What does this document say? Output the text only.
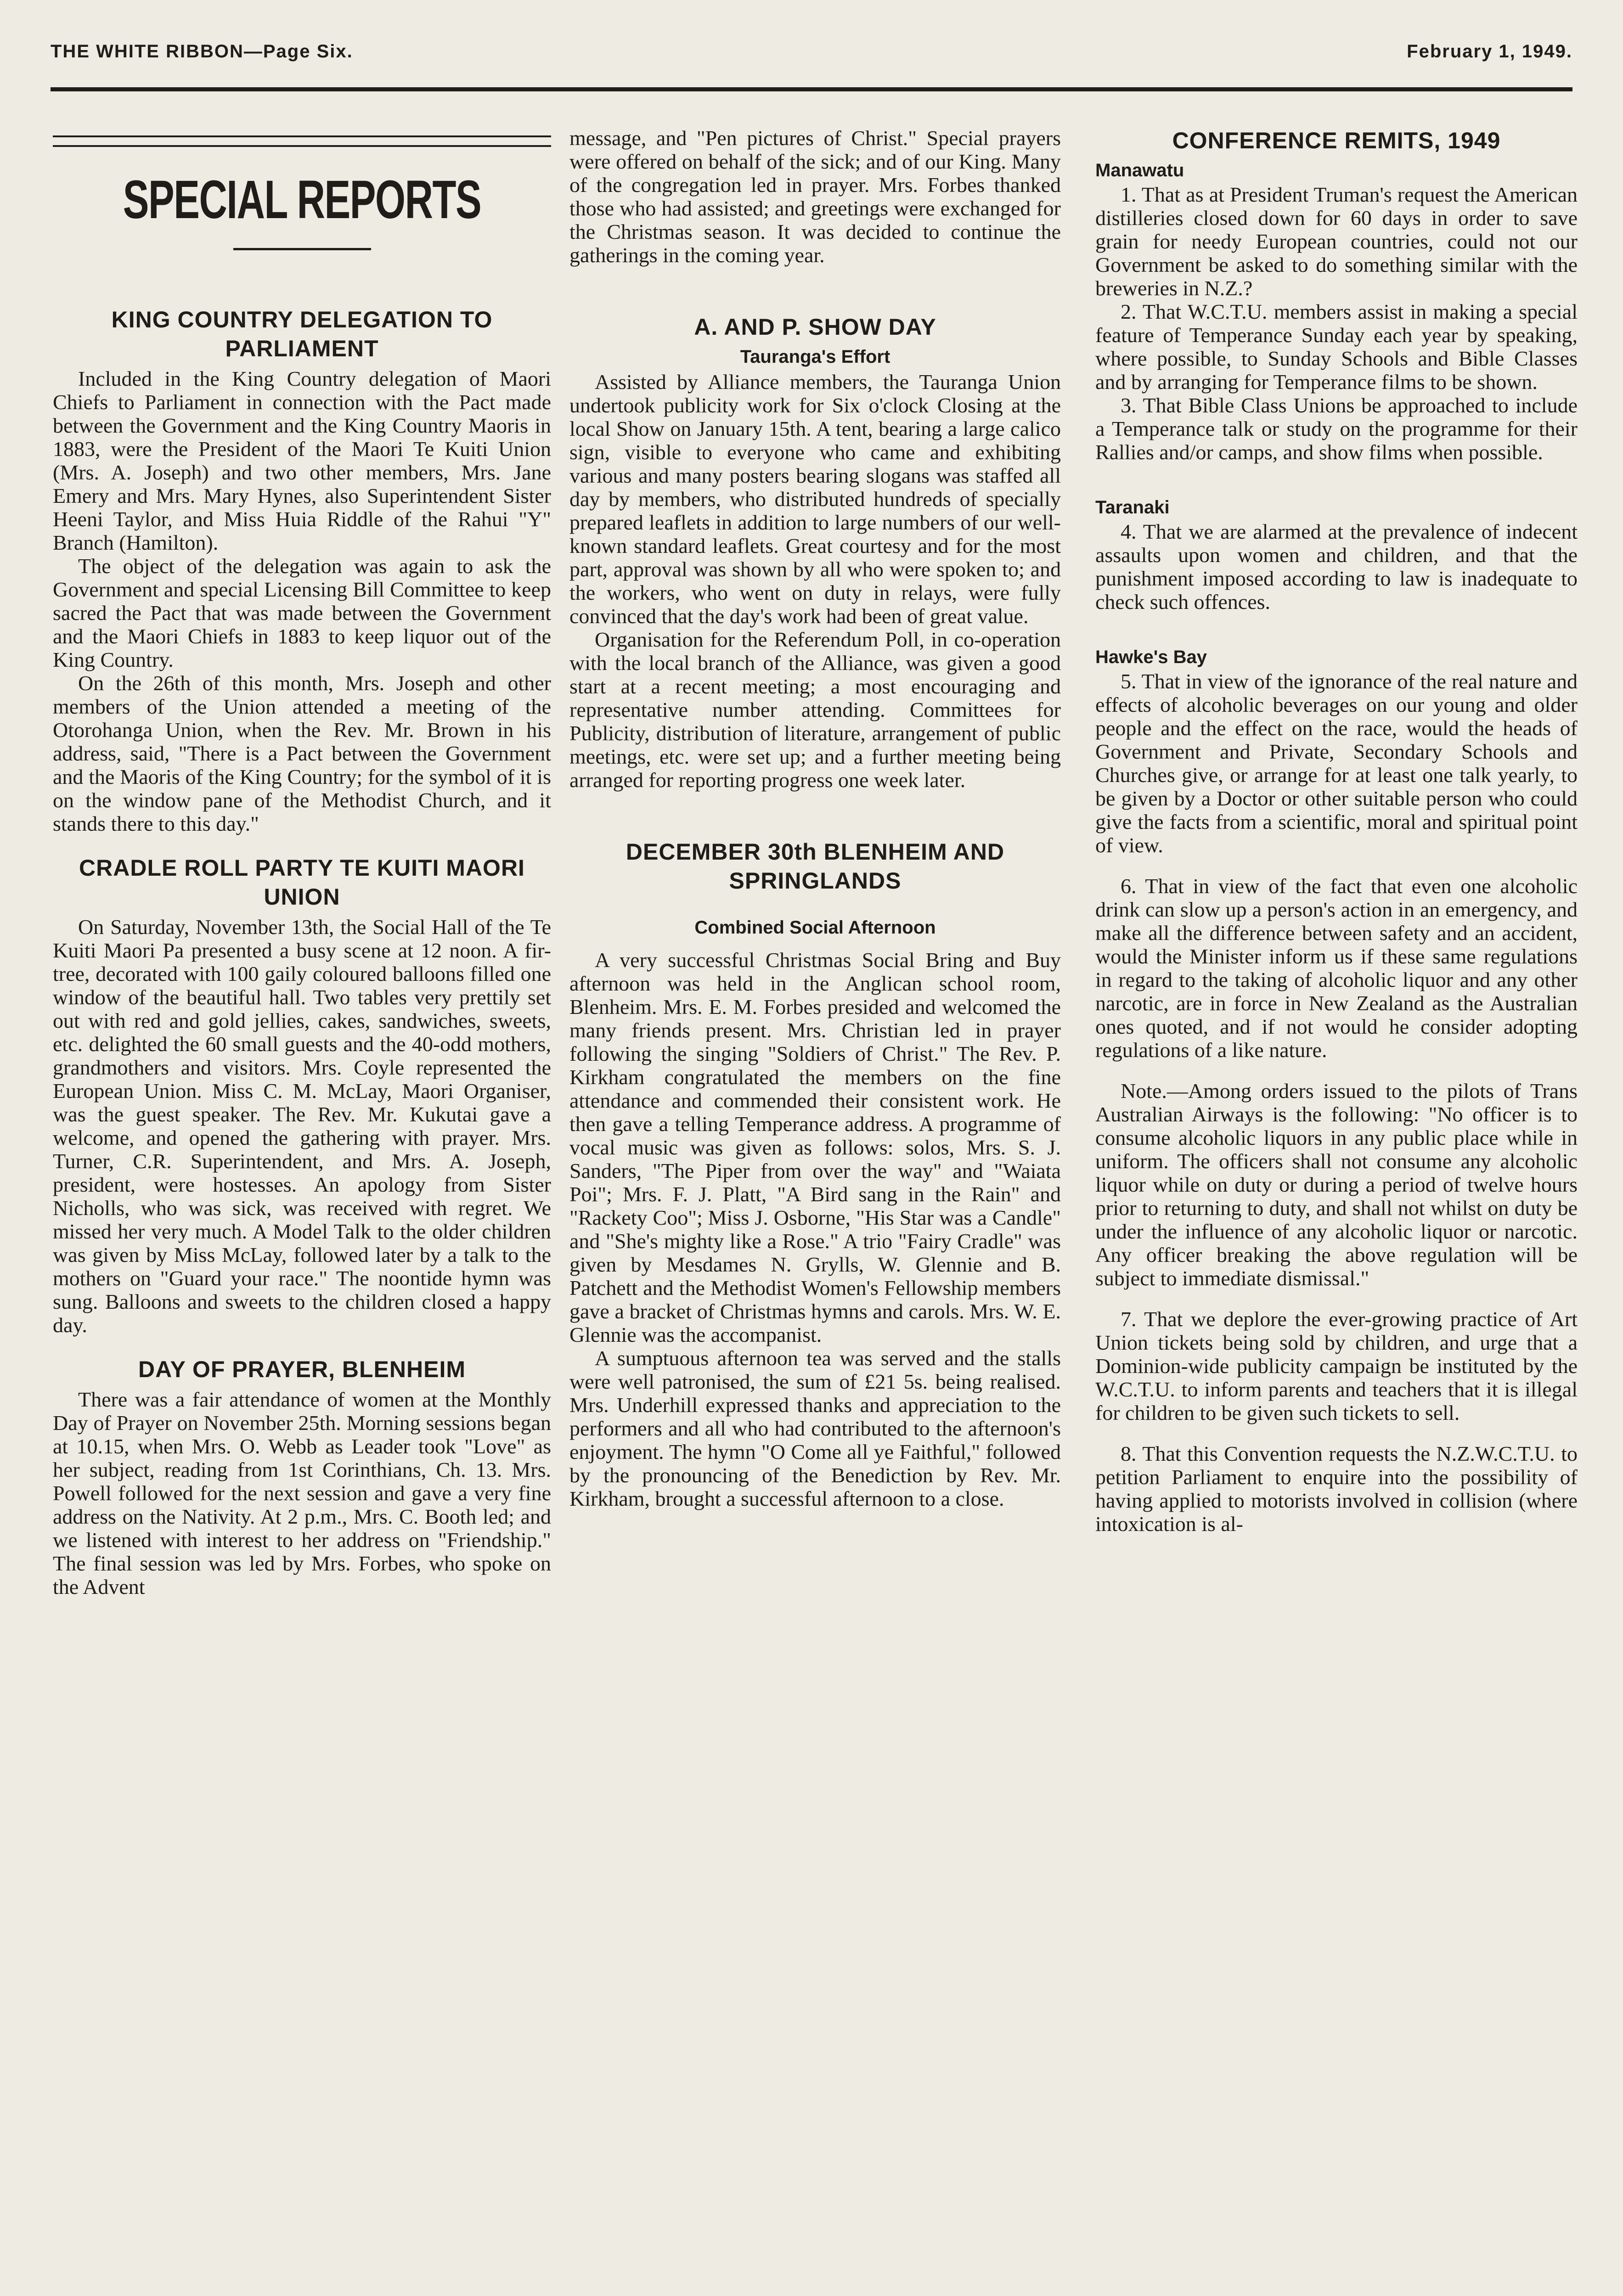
THE WHITE RIBBON—Page Six.	February 1, 1949.
SPECIAL REPORTS
KING COUNTRY DELEGATION TO PARLIAMENT

Included in the King Country delegation of Maori Chiefs to Parliament in connection with the Pact made between the Government and the King Country Maoris in 1883, were the President of the Maori Te Kuiti Union (Mrs. A. Joseph) and two other members, Mrs. Jane Emery and Mrs. Mary Hynes, also Superintendent Sister Heeni Taylor, and Miss Huia Riddle of the Rahui "Y" Branch (Hamilton).

The object of the delegation was again to ask the Government and special Licensing Bill Committee to keep sacred the Pact that was made between the Government and the Maori Chiefs in 1883 to keep liquor out of the King Country.

On the 26th of this month, Mrs. Joseph and other members of the Union attended a meeting of the Otorohanga Union, when the Rev. Mr. Brown in his address, said, "There is a Pact between the Government and the Maoris of the King Country; for the symbol of it is on the window pane of the Methodist Church, and it stands there to this day."

CRADLE ROLL PARTY TE KUITI MAORI UNION

On Saturday, November 13th, the Social Hall of the Te Kuiti Maori Pa presented a busy scene at 12 noon. A fir-tree, decorated with 100 gaily coloured balloons filled one window of the beautiful hall. Two tables very prettily set out with red and gold jellies, cakes, sandwiches, sweets, etc. delighted the 60 small guests and the 40-odd mothers, grandmothers and visitors. Mrs. Coyle represented the European Union. Miss C. M. McLay, Maori Organiser, was the guest speaker. The Rev. Mr. Kukutai gave a welcome, and opened the gathering with prayer. Mrs. Turner, C.R. Superintendent, and Mrs. A. Joseph, president, were hostesses. An apology from Sister Nicholls, who was sick, was received with regret. We missed her very much. A Model Talk to the older children was given by Miss McLay, followed later by a talk to the mothers on "Guard your race." The noontide hymn was sung. Balloons and sweets to the children closed a happy day.

DAY OF PRAYER, BLENHEIM

There was a fair attendance of women at the Monthly Day of Prayer on November 25th. Morning sessions began at 10.15, when Mrs. O. Webb as Leader took "Love" as her subject, reading from 1st Corinthians, Ch. 13. Mrs. Powell followed for the next session and gave a very fine address on the Nativity. At 2 p.m., Mrs. C. Booth led; and we listened with interest to her address on "Friendship." The final session was led by Mrs. Forbes, who spoke on the Advent

message, and "Pen pictures of Christ." Special prayers were offered on behalf of the sick; and of our King. Many of the congregation led in prayer. Mrs. Forbes thanked those who had assisted; and greetings were exchanged for the Christmas season. It was decided to continue the gatherings in the coming year.

A. AND P. SHOW DAY
Tauranga's Effort

Assisted by Alliance members, the Tauranga Union undertook publicity work for Six o'clock Closing at the local Show on January 15th. A tent, bearing a large calico sign, visible to everyone who came and exhibiting various and many posters bearing slogans was staffed all day by members, who distributed hundreds of specially prepared leaflets in addition to large numbers of our well-known standard leaflets. Great courtesy and for the most part, approval was shown by all who were spoken to; and the workers, who went on duty in relays, were fully convinced that the day's work had been of great value.

Organisation for the Referendum Poll, in co-operation with the local branch of the Alliance, was given a good start at a recent meeting; a most encouraging and representative number attending. Committees for Publicity, distribution of literature, arrangement of public meetings, etc. were set up; and a further meeting being arranged for reporting progress one week later.

DECEMBER 30th BLENHEIM AND SPRINGLANDS
Combined Social Afternoon

A very successful Christmas Social Bring and Buy afternoon was held in the Anglican school room, Blenheim. Mrs. E. M. Forbes presided and welcomed the many friends present. Mrs. Christian led in prayer following the singing "Soldiers of Christ." The Rev. P. Kirkham congratulated the members on the fine attendance and commended their consistent work. He then gave a telling Temperance address. A programme of vocal music was given as follows: solos, Mrs. S. J. Sanders, "The Piper from over the way" and "Waiata Poi"; Mrs. F. J. Platt, "A Bird sang in the Rain" and "Rackety Coo"; Miss J. Osborne, "His Star was a Candle" and "She's mighty like a Rose." A trio "Fairy Cradle" was given by Mesdames N. Grylls, W. Glennie and B. Patchett and the Methodist Women's Fellowship members gave a bracket of Christmas hymns and carols. Mrs. W. E. Glennie was the accompanist.

A sumptuous afternoon tea was served and the stalls were well patronised, the sum of £21 5s. being realised. Mrs. Underhill expressed thanks and appreciation to the performers and all who had contributed to the afternoon's enjoyment. The hymn "O Come all ye Faithful," followed by the pronouncing of the Benediction by Rev. Mr. Kirkham, brought a successful afternoon to a close.

CONFERENCE REMITS, 1949
Manawatu

1. That as at President Truman's request the American distilleries closed down for 60 days in order to save grain for needy European countries, could not our Government be asked to do something similar with the breweries in N.Z.?

2. That W.C.T.U. members assist in making a special feature of Temperance Sunday each year by speaking, where possible, to Sunday Schools and Bible Classes and by arranging for Temperance films to be shown.

3. That Bible Class Unions be approached to include a Temperance talk or study on the programme for their Rallies and/or camps, and show films when possible.

Taranaki

4. That we are alarmed at the prevalence of indecent assaults upon women and children, and that the punishment imposed according to law is inadequate to check such offences.

Hawke's Bay

5. That in view of the ignorance of the real nature and effects of alcoholic beverages on our young and older people and the effect on the race, would the heads of Government and Private, Secondary Schools and Churches give, or arrange for at least one talk yearly, to be given by a Doctor or other suitable person who could give the facts from a scientific, moral and spiritual point of view.

6. That in view of the fact that even one alcoholic drink can slow up a person's action in an emergency, and make all the difference between safety and an accident, would the Minister inform us if these same regulations in regard to the taking of alcoholic liquor and any other narcotic, are in force in New Zealand as the Australian ones quoted, and if not would he consider adopting regulations of a like nature.

Note.—Among orders issued to the pilots of Trans Australian Airways is the following: "No officer is to consume alcoholic liquors in any public place while in uniform. The officers shall not consume any alcoholic liquor while on duty or during a period of twelve hours prior to returning to duty, and shall not whilst on duty be under the influence of any alcoholic liquor or narcotic. Any officer breaking the above regulation will be subject to immediate dismissal."

7. That we deplore the ever-growing practice of Art Union tickets being sold by children, and urge that a Dominion-wide publicity campaign be instituted by the W.C.T.U. to inform parents and teachers that it is illegal for children to be given such tickets to sell.

8. That this Convention requests the N.Z.W.C.T.U. to petition Parliament to enquire into the possibility of having applied to motorists involved in collision (where intoxication is al-
